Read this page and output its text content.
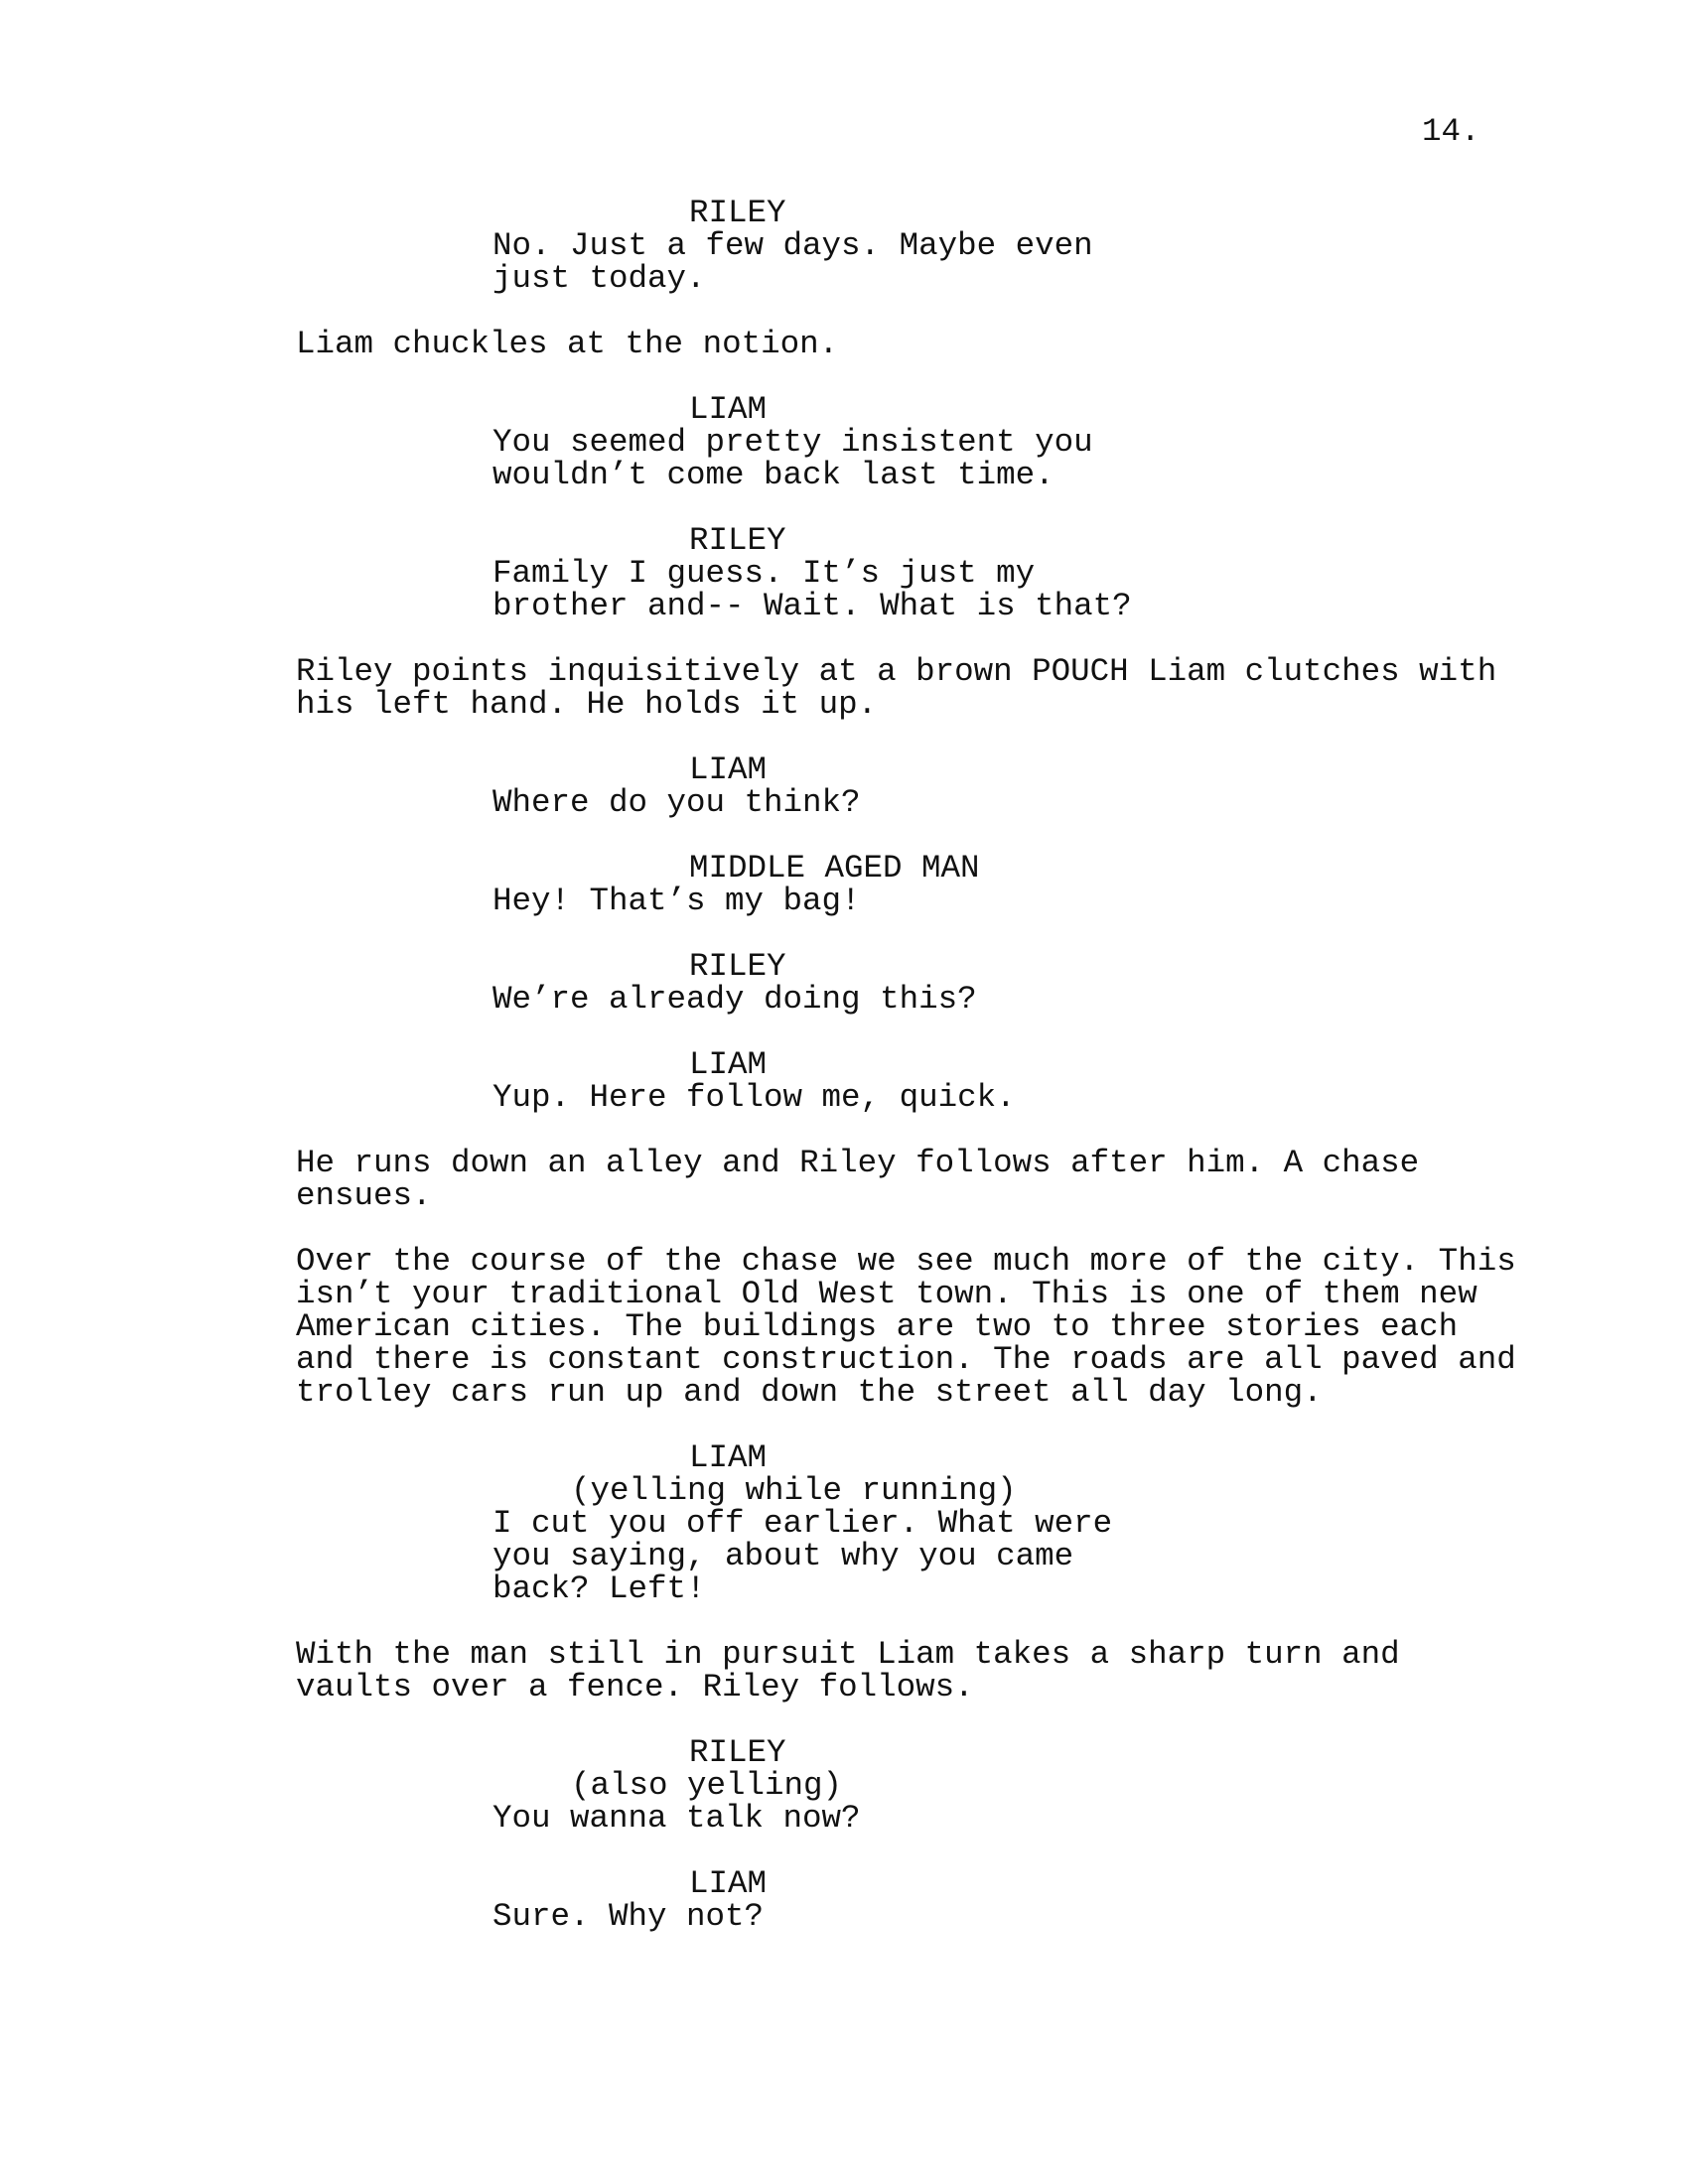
14.
RILEY
No. Just a few days. Maybe even
just today.
Liam chuckles at the notion.
LIAM
You seemed pretty insistent you
wouldn’t come back last time.
RILEY
Family I guess. It’s just my
brother and-- Wait. What is that?
Riley points inquisitively at a brown POUCH Liam clutches with
his left hand. He holds it up.
LIAM
Where do you think?
MIDDLE AGED MAN
Hey! That’s my bag!
RILEY
We’re already doing this?
LIAM
Yup. Here follow me, quick.
He runs down an alley and Riley follows after him. A chase
ensues.
Over the course of the chase we see much more of the city. This
isn’t your traditional Old West town. This is one of them new
American cities. The buildings are two to three stories each
and there is constant construction. The roads are all paved and
trolley cars run up and down the street all day long.
LIAM
(yelling while running)
I cut you off earlier. What were
you saying, about why you came
back? Left!
With the man still in pursuit Liam takes a sharp turn and
vaults over a fence. Riley follows.
RILEY
(also yelling)
You wanna talk now?
LIAM
Sure. Why not?
